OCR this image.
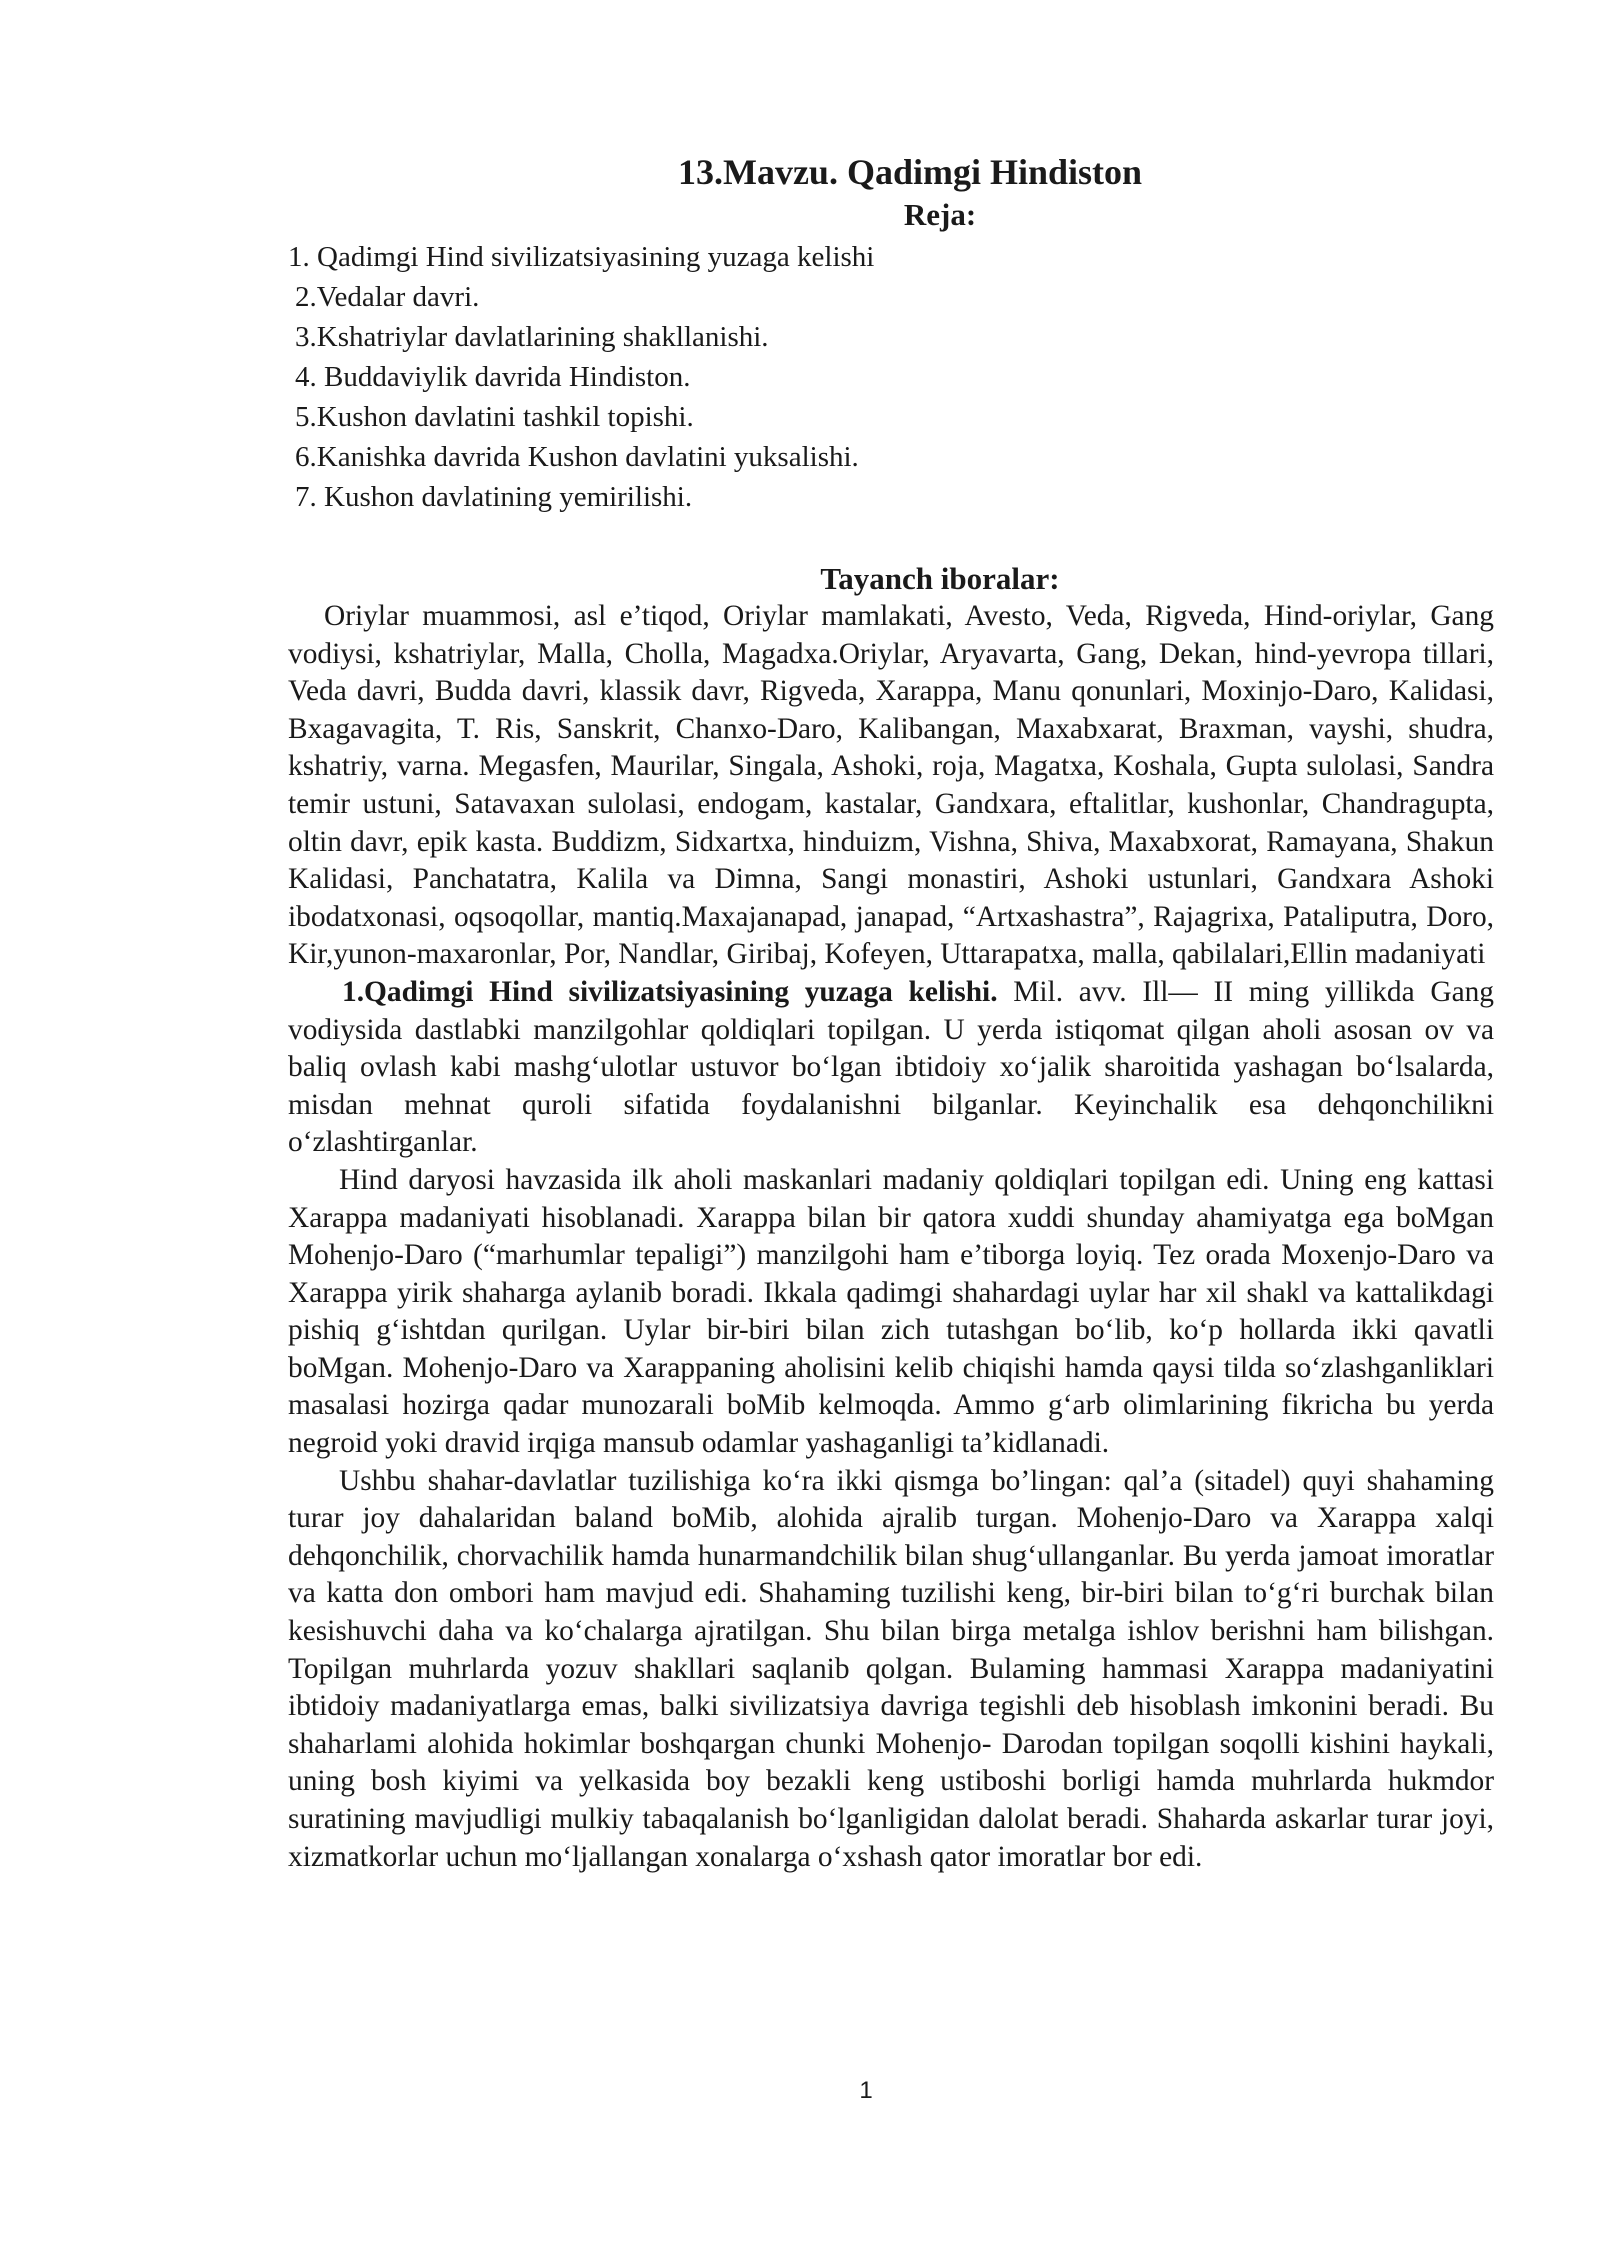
13.Mavzu. Qadimgi Hindiston
Reja:
1. Qadimgi Hind sivilizatsiyasining yuzaga kelishi
2.Vedalar davri.
3.Kshatriylar davlatlarining shakllanishi.
4. Buddaviylik davrida Hindiston.
5.Kushon davlatini tashkil topishi.
6.Kanishka davrida Kushon davlatini yuksalishi.
7. Kushon davlatining yemirilishi.
Tayanch iboralar:

Oriylar muammosi, asl e’tiqod, Oriylar mamlakati, Avesto, Veda, Rigveda, Hind-oriylar, Gang vodiysi, kshatriylar, Malla, Cholla, Magadxa.Oriylar, Aryavarta, Gang, Dekan, hind-yevropa tillari, Veda davri, Budda davri, klassik davr, Rigveda, Xarappa, Manu qonunlari, Moxinjo-Daro, Kalidasi, Bxagavagita, T. Ris, Sanskrit, Chanxo-Daro, Kalibangan, Maxabxarat, Braxman, vayshi, shudra, kshatriy, varna. Megasfen, Maurilar, Singala, Ashoki, roja, Magatxa, Koshala, Gupta sulolasi, Sandra temir ustuni, Satavaxan sulolasi, endogam, kastalar, Gandxara, eftalitlar, kushonlar, Chandragupta, oltin davr, epik kasta. Buddizm, Sidxartxa, hinduizm, Vishna, Shiva, Maxabxorat, Ramayana, Shakun Kalidasi, Panchatatra, Kalila va Dimna, Sangi monastiri, Ashoki ustunlari, Gandxara Ashoki ibodatxonasi, oqsoqollar, mantiq.Maxajanapad, janapad, “Artxashastra”, Rajagrixa, Pataliputra, Doro, Kir,yunon-maxaronlar, Por, Nandlar, Giribaj, Kofeyen, Uttarapatxa, malla, qabilalari,Ellin madaniyati

1.Qadimgi Hind sivilizatsiyasining yuzaga kelishi. Mil. avv. Ill— II ming yillikda Gang vodiysida dastlabki manzilgohlar qoldiqlari topilgan. U yerda istiqomat qilgan aholi asosan ov va baliq ovlash kabi mashg‘ulotlar ustuvor bo‘lgan ibtidoiy xo‘jalik sharoitida yashagan bo‘lsalarda, misdan mehnat quroli sifatida foydalanishni bilganlar. Keyinchalik esa dehqonchilikni o‘zlashtirganlar.

Hind daryosi havzasida ilk aholi maskanlari madaniy qoldiqlari topilgan edi. Uning eng kattasi Xarappa madaniyati hisoblanadi. Xarappa bilan bir qatora xuddi shunday ahamiyatga ega boMgan Mohenjo-Daro (“marhumlar tepaligi”) manzilgohi ham e’tiborga loyiq. Tez orada Moxenjo-Daro va Xarappa yirik shaharga aylanib boradi. Ikkala qadimgi shahardagi uylar har xil shakl va kattalikdagi pishiq g‘ishtdan qurilgan. Uylar bir-biri bilan zich tutashgan bo‘lib, ko‘p hollarda ikki qavatli boMgan. Mohenjo-Daro va Xarappaning aholisini kelib chiqishi hamda qaysi tilda so‘zlashganliklari masalasi hozirga qadar munozarali boMib kelmoqda. Ammo g‘arb olimlarining fikricha bu yerda negroid yoki dravid irqiga mansub odamlar yashaganligi ta’kidlanadi.

Ushbu shahar-davlatlar tuzilishiga ko‘ra ikki qismga bo’lingan: qal’a (sitadel) quyi shahaming turar joy dahalaridan baland boMib, alohida ajralib turgan. Mohenjo-Daro va Xarappa xalqi dehqonchilik, chorvachilik hamda hunarmandchilik bilan shug‘ullanganlar. Bu yerda jamoat imoratlar va katta don ombori ham mavjud edi. Shahaming tuzilishi keng, bir-biri bilan to‘g‘ri burchak bilan kesishuvchi daha va ko‘chalarga ajratilgan. Shu bilan birga metalga ishlov berishni ham bilishgan. Topilgan muhrlarda yozuv shakllari saqlanib qolgan. Bulaming hammasi Xarappa madaniyatini ibtidoiy madaniyatlarga emas, balki sivilizatsiya davriga tegishli deb hisoblash imkonini beradi. Bu shaharlami alohida hokimlar boshqargan chunki Mohenjo- Darodan topilgan soqolli kishini haykali, uning bosh kiyimi va yelkasida boy bezakli keng ustiboshi borligi hamda muhrlarda hukmdor suratining mavjudligi mulkiy tabaqalanish bo‘lganligidan dalolat beradi. Shaharda askarlar turar joyi, xizmatkorlar uchun mo‘ljallangan xonalarga o‘xshash qator imoratlar bor edi.

1
